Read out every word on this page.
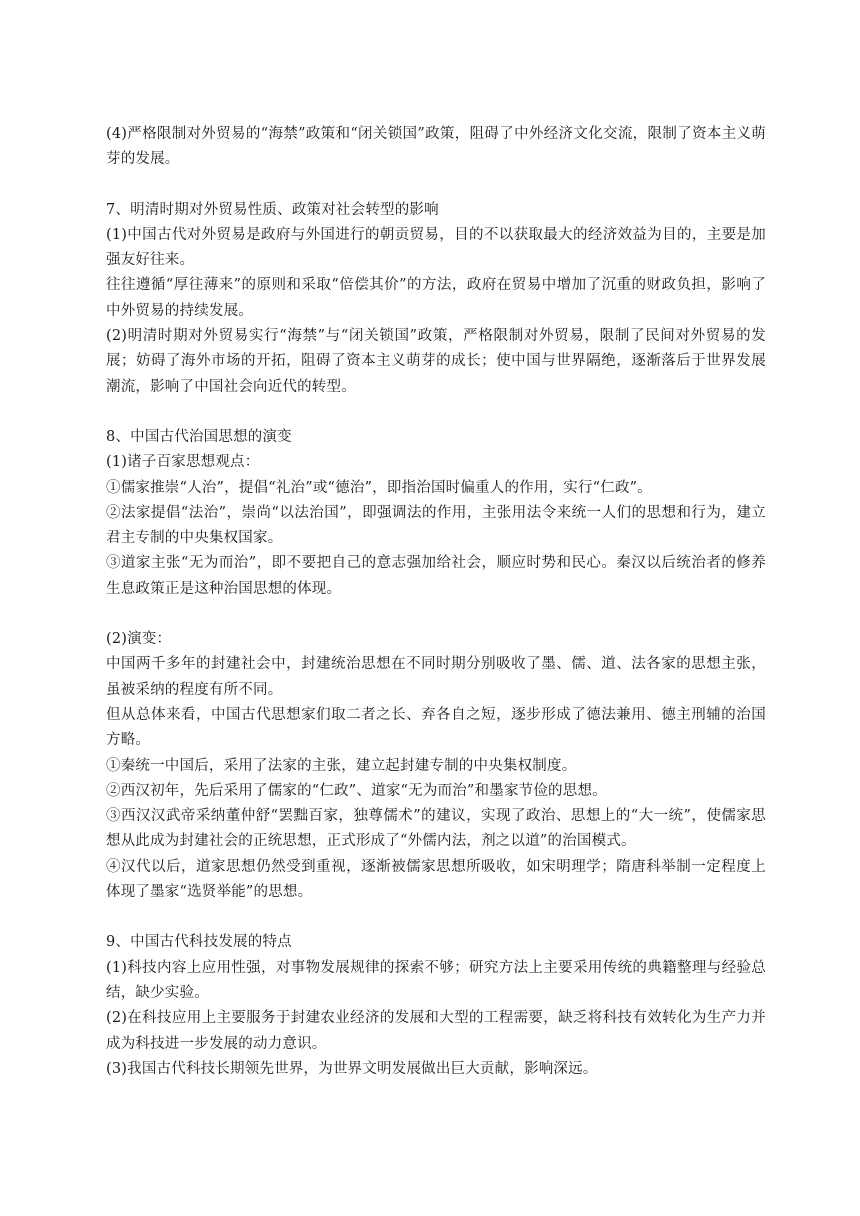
(4)严格限制对外贸易的“海禁”政策和“闭关锁国”政策，阻碍了中外经济文化交流，限制了资本主义萌芽的发展。

7、明清时期对外贸易性质、政策对社会转型的影响

(1)中国古代对外贸易是政府与外国进行的朝贡贸易，目的不以获取最大的经济效益为目的，主要是加强友好往来。

往往遵循“厚往薄来”的原则和采取“倍偿其价”的方法，政府在贸易中增加了沉重的财政负担，影响了中外贸易的持续发展。

(2)明清时期对外贸易实行“海禁”与“闭关锁国”政策，严格限制对外贸易，限制了民间对外贸易的发展；妨碍了海外市场的开拓，阻碍了资本主义萌芽的成长；使中国与世界隔绝，逐渐落后于世界发展潮流，影响了中国社会向近代的转型。

8、中国古代治国思想的演变

(1)诸子百家思想观点：

①儒家推崇“人治”，提倡“礼治”或“德治”，即指治国时偏重人的作用，实行“仁政”。

②法家提倡“法治”，崇尚“以法治国”，即强调法的作用，主张用法令来统一人们的思想和行为，建立君主专制的中央集权国家。

③道家主张“无为而治”，即不要把自己的意志强加给社会，顺应时势和民心。秦汉以后统治者的修养生息政策正是这种治国思想的体现。

(2)演变：

中国两千多年的封建社会中，封建统治思想在不同时期分别吸收了墨、儒、道、法各家的思想主张，虽被采纳的程度有所不同。

但从总体来看，中国古代思想家们取二者之长、弃各自之短，逐步形成了德法兼用、德主刑辅的治国方略。

①秦统一中国后，采用了法家的主张，建立起封建专制的中央集权制度。

②西汉初年，先后采用了儒家的“仁政”、道家“无为而治”和墨家节俭的思想。

③西汉汉武帝采纳董仲舒“罢黜百家，独尊儒术”的建议，实现了政治、思想上的“大一统”，使儒家思想从此成为封建社会的正统思想，正式形成了“外儒内法，剂之以道”的治国模式。

④汉代以后，道家思想仍然受到重视，逐渐被儒家思想所吸收，如宋明理学；隋唐科举制一定程度上体现了墨家“选贤举能”的思想。

9、中国古代科技发展的特点

(1)科技内容上应用性强，对事物发展规律的探索不够；研究方法上主要采用传统的典籍整理与经验总结，缺少实验。

(2)在科技应用上主要服务于封建农业经济的发展和大型的工程需要，缺乏将科技有效转化为生产力并成为科技进一步发展的动力意识。

(3)我国古代科技长期领先世界，为世界文明发展做出巨大贡献，影响深远。
